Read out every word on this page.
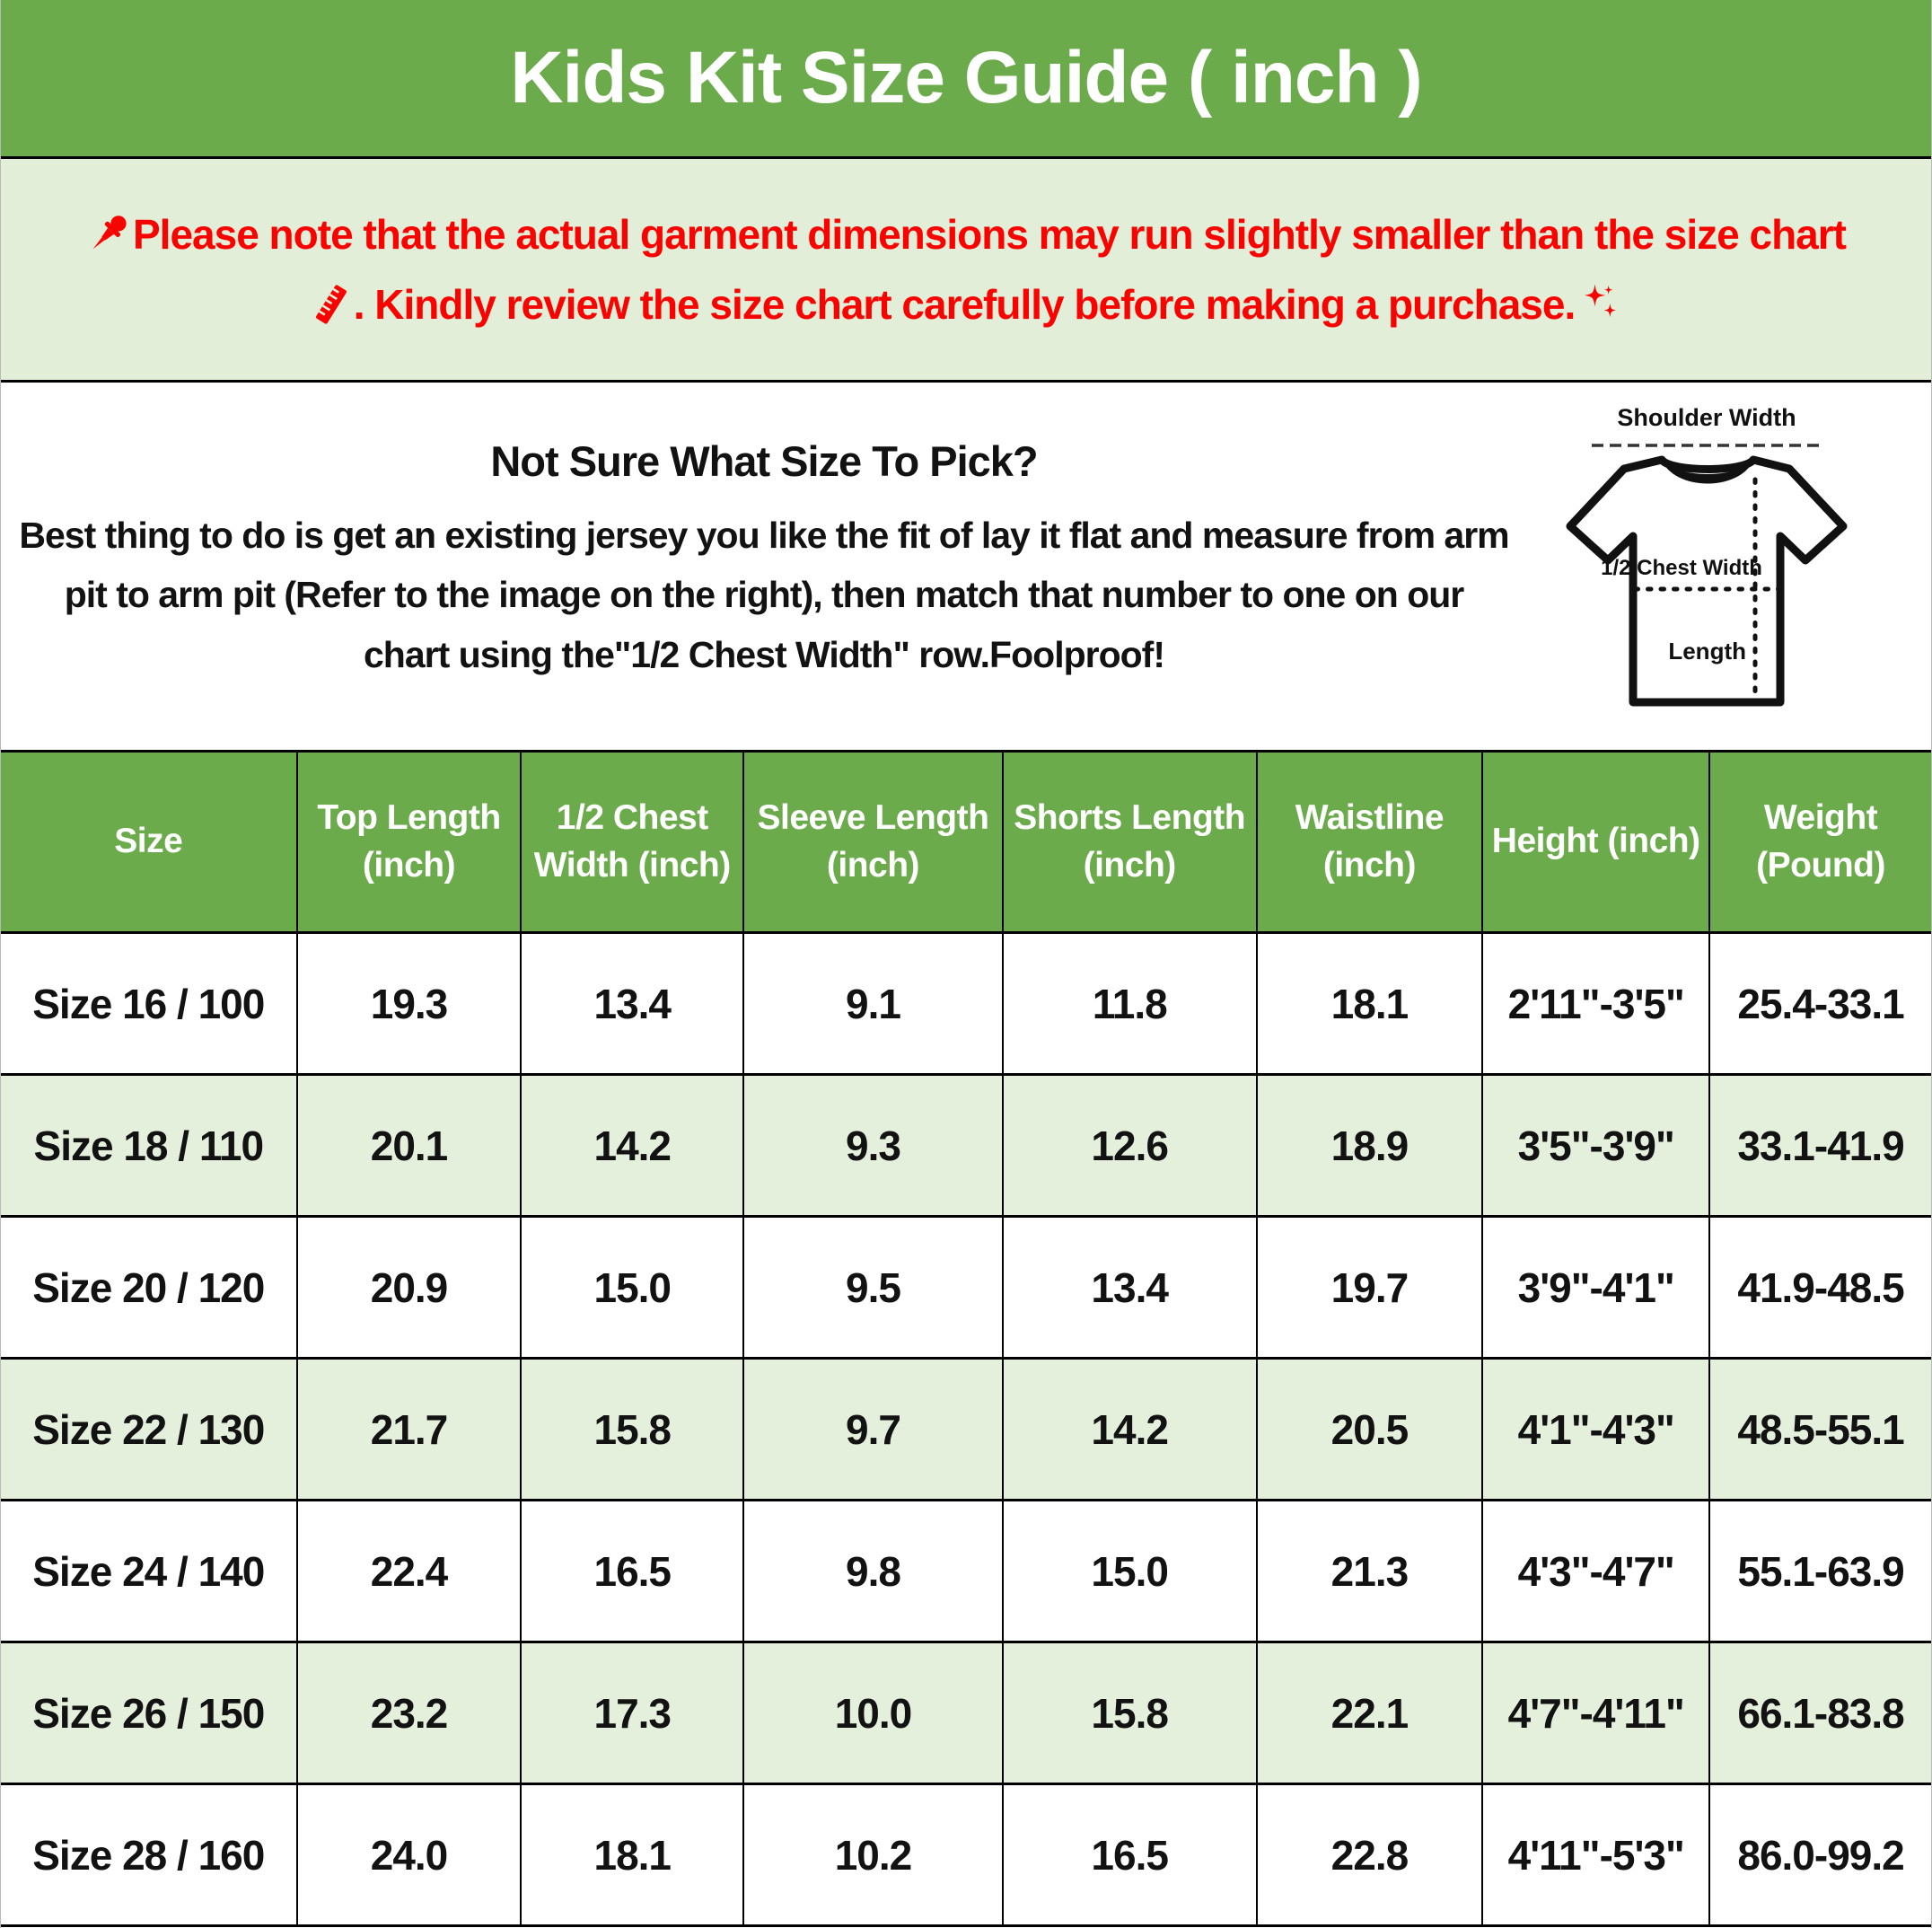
Kids Kit Size Guide ( inch )
Please note that the actual garment dimensions may run slightly smaller than the size chart
. Kindly review the size chart carefully before making a purchase.
Not Sure What Size To Pick?
Best thing to do is get an existing jersey you like the fit of lay it flat and measure from arm pit to arm pit (Refer to the image on the right), then match that number to one on our chart using the"1/2 Chest Width" row.Foolproof!
Shoulder Width
1/2 Chest Width
Length
Size	Top Length (inch)	1/2 Chest Width (inch)	Sleeve Length (inch)	Shorts Length (inch)	Waistline (inch)	Height (inch)	Weight (Pound)
Size 16 / 100	19.3	13.4	9.1	11.8	18.1	2'11"-3'5"	25.4-33.1
Size 18 / 110	20.1	14.2	9.3	12.6	18.9	3'5"-3'9"	33.1-41.9
Size 20 / 120	20.9	15.0	9.5	13.4	19.7	3'9"-4'1"	41.9-48.5
Size 22 / 130	21.7	15.8	9.7	14.2	20.5	4'1"-4'3"	48.5-55.1
Size 24 / 140	22.4	16.5	9.8	15.0	21.3	4'3"-4'7"	55.1-63.9
Size 26 / 150	23.2	17.3	10.0	15.8	22.1	4'7"-4'11"	66.1-83.8
Size 28 / 160	24.0	18.1	10.2	16.5	22.8	4'11"-5'3"	86.0-99.2
